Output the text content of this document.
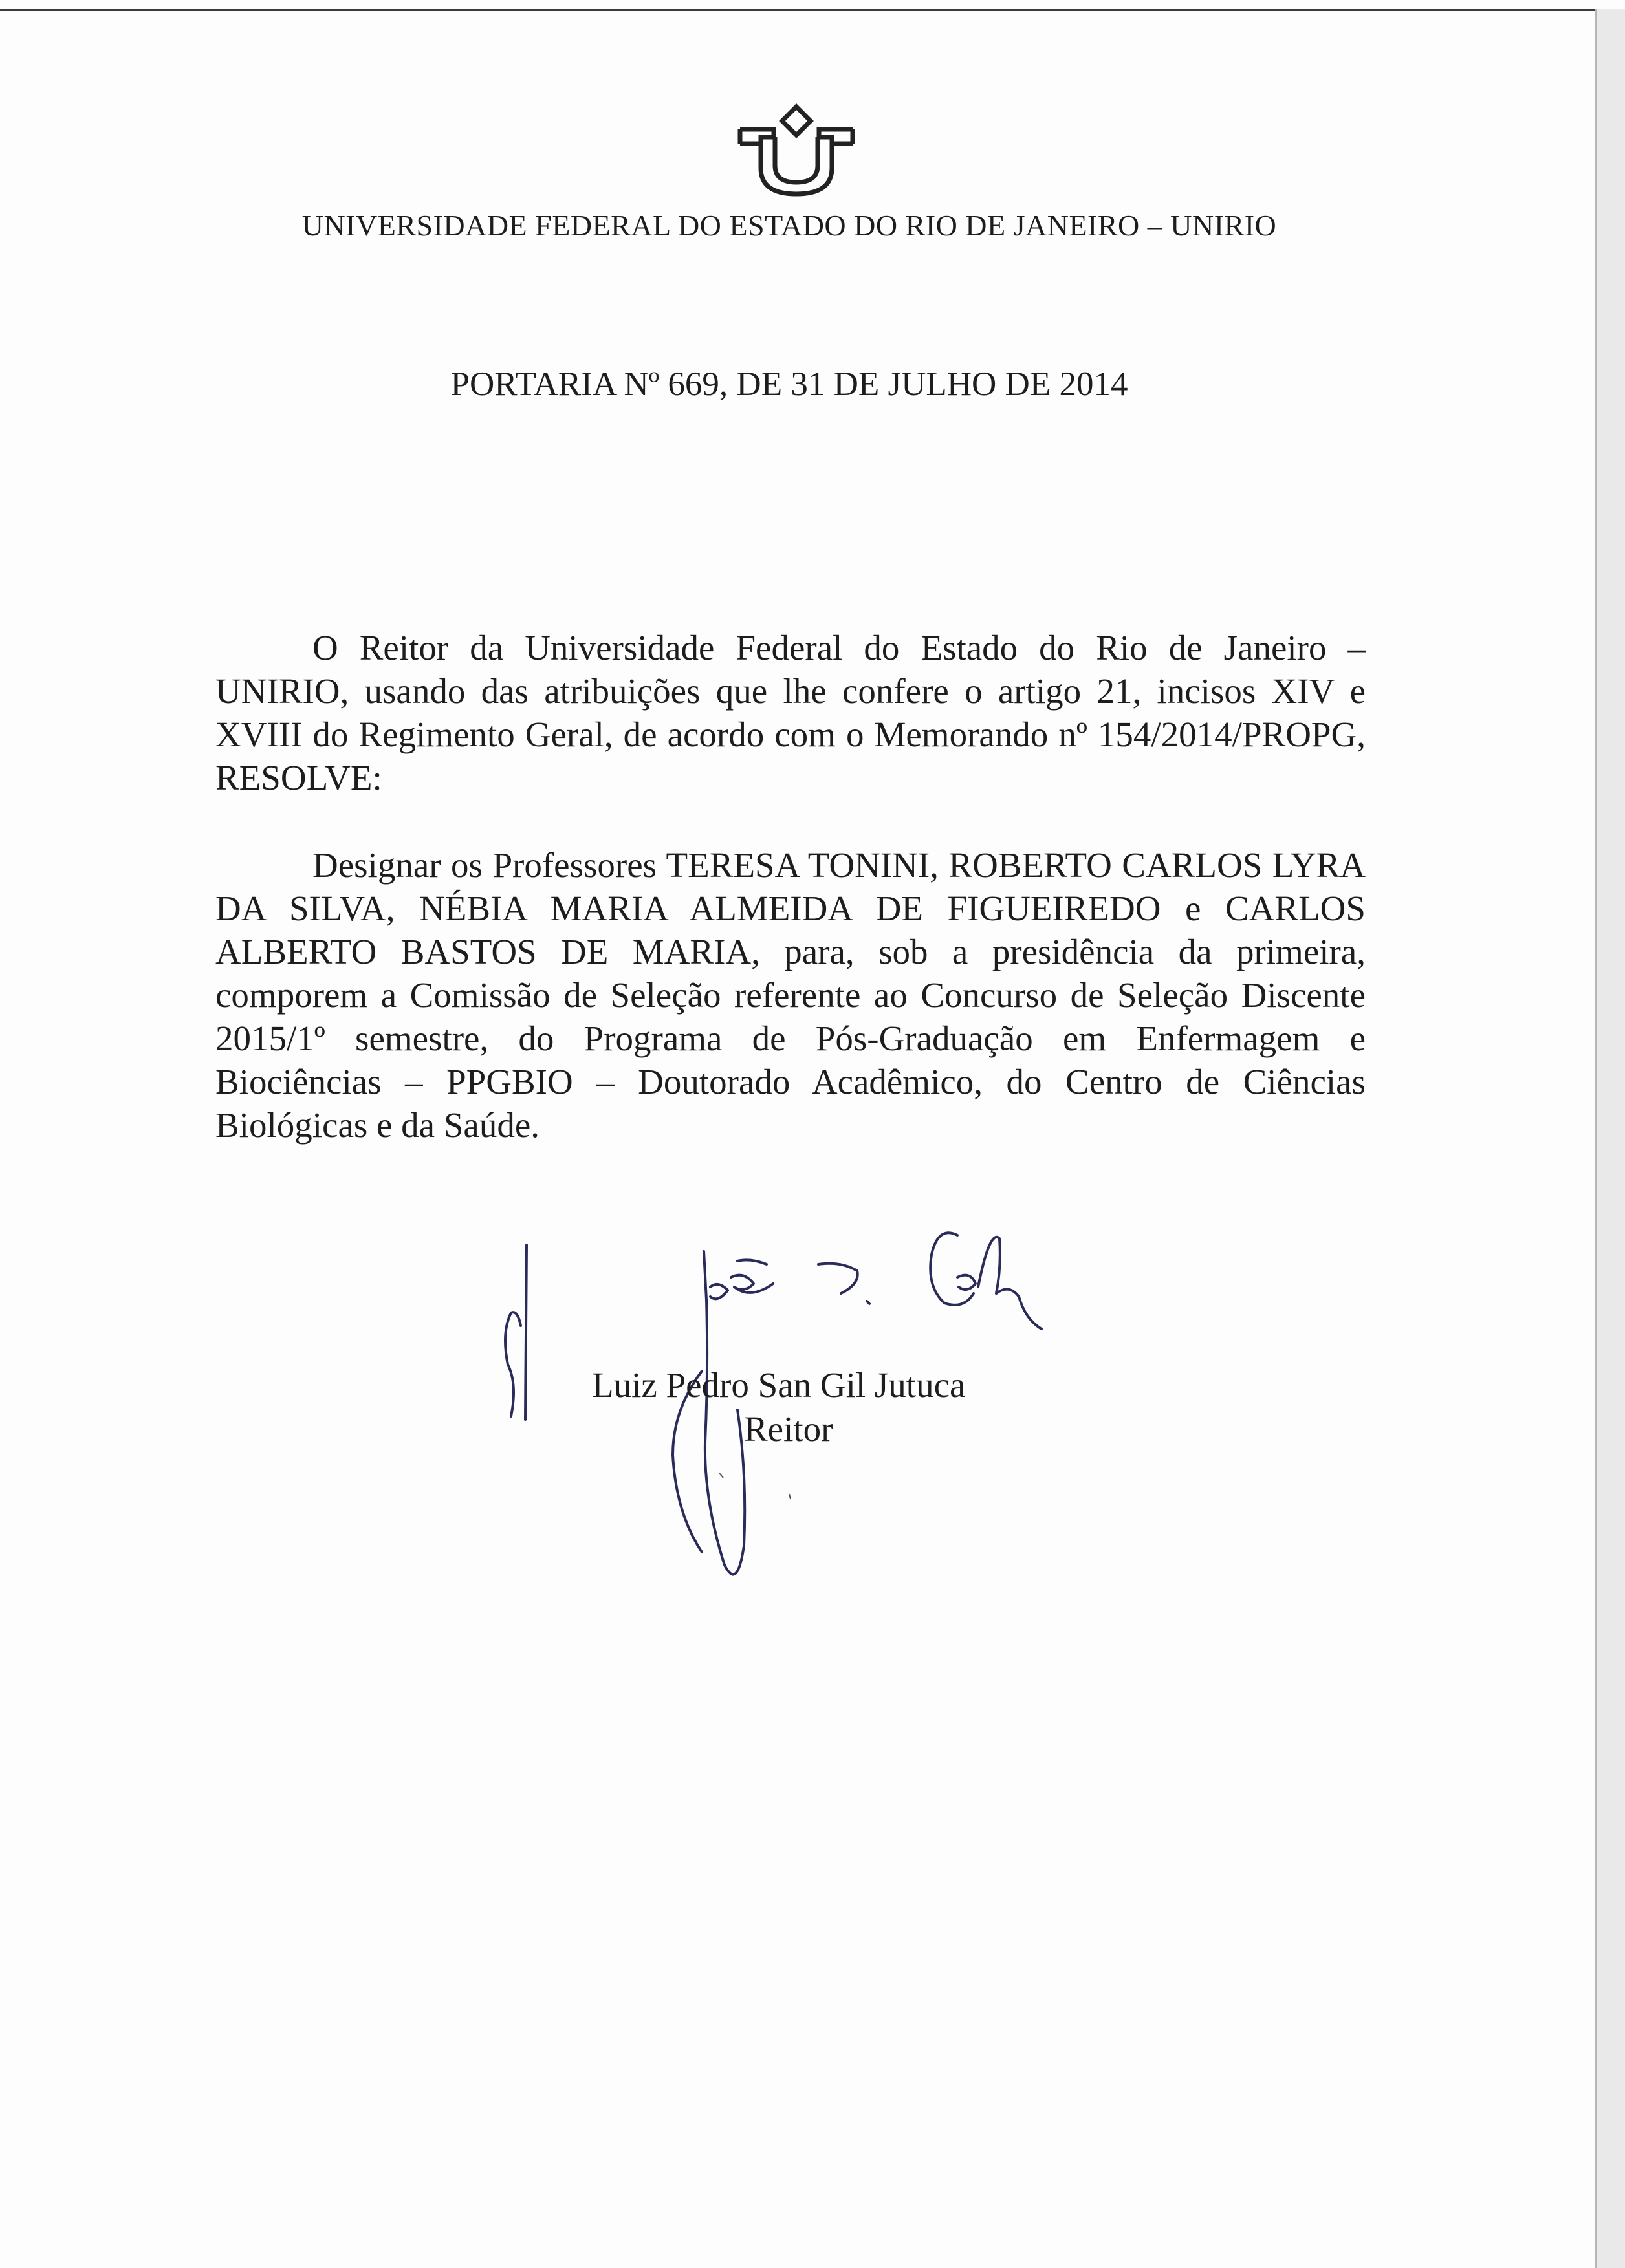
UNIVERSIDADE FEDERAL DO ESTADO DO RIO DE JANEIRO – UNIRIO
PORTARIA Nº 669, DE 31 DE JULHO DE 2014
O Reitor da Universidade Federal do Estado do Rio de Janeiro – UNIRIO, usando das atribuições que lhe confere o artigo 21, incisos XIV e XVIII do Regimento Geral, de acordo com o Memorando nº 154/2014/PROPG, RESOLVE:
Designar os Professores TERESA TONINI, ROBERTO CARLOS LYRA DA SILVA, NÉBIA MARIA ALMEIDA DE FIGUEIREDO e CARLOS ALBERTO BASTOS DE MARIA, para, sob a presidência da primeira, comporem a Comissão de Seleção referente ao Concurso de Seleção Discente 2015/1º semestre, do Programa de Pós-Graduação em Enfermagem e Biociências – PPGBIO – Doutorado Acadêmico, do Centro de Ciências Biológicas e da Saúde.
Luiz Pedro San Gil Jutuca
Reitor
